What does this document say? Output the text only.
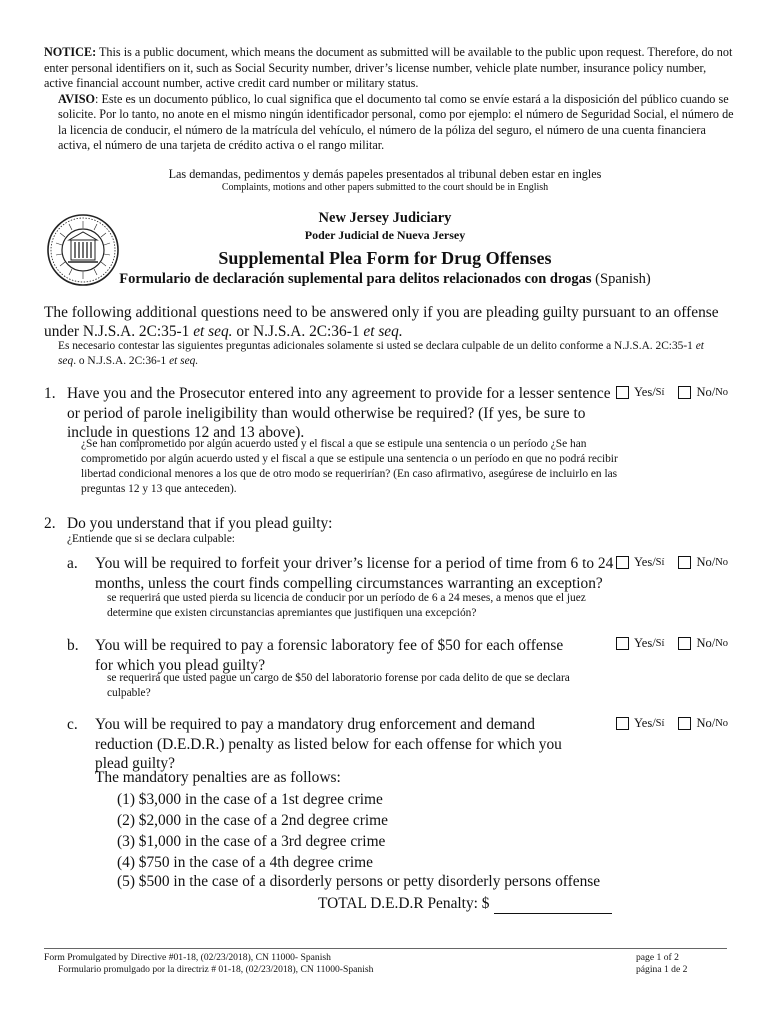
NOTICE: This is a public document, which means the document as submitted will be available to the public upon request. Therefore, do not enter personal identifiers on it, such as Social Security number, driver’s license number, vehicle plate number, insurance policy number, active financial account number, active credit card number or military status.
AVISO: Este es un documento público, lo cual significa que el documento tal como se envíe estará a la disposición del público cuando se solicite. Por lo tanto, no anote en el mismo ningún identificador personal, como por ejemplo: el número de Seguridad Social, el número de la licencia de conducir, el número de la matrícula del vehículo, el número de la póliza del seguro, el número de una cuenta financiera activa, el número de una tarjeta de crédito activa o el rango militar.
Las demandas, pedimentos y demás papeles presentados al tribunal deben estar en ingles
Complaints, motions and other papers submitted to the court should be in English
New Jersey Judiciary
Poder Judicial de Nueva Jersey
Supplemental Plea Form for Drug Offenses
Formulario de declaración suplemental para delitos relacionados con drogas (Spanish)
The following additional questions need to be answered only if you are pleading guilty pursuant to an offense under N.J.S.A. 2C:35-1 et seq. or N.J.S.A. 2C:36-1 et seq.
Es necesario contestar las siguientes preguntas adicionales solamente si usted se declara culpable de un delito conforme a N.J.S.A. 2C:35-1 et seq. o N.J.S.A. 2C:36-1 et seq.
1. Have you and the Prosecutor entered into any agreement to provide for a lesser sentence or period of parole ineligibility than would otherwise be required? (If yes, be sure to include in questions 12 and 13 above).
¿Se han comprometido por algún acuerdo usted y el fiscal a que se estipule una sentencia o un período ¿Se han comprometido por algún acuerdo usted y el fiscal a que se estipule una sentencia o un período en que no podrá recibir libertad condicional menores a los que de otro modo se requerirían? (En caso afirmativo, asegúrese de incluirlo en las preguntas 12 y 13 que anteceden).
Yes/ Sí	No/ No
2. Do you understand that if you plead guilty:
¿Entiende que si se declara culpable:
a. You will be required to forfeit your driver’s license for a period of time from 6 to 24 months, unless the court finds compelling circumstances warranting an exception?
se requerirá que usted pierda su licencia de conducir por un período de 6 a 24 meses, a menos que el juez determine que existen circunstancias apremiantes que justifiquen una excepción?
Yes/ Sí	No/ No
b. You will be required to pay a forensic laboratory fee of $50 for each offense for which you plead guilty?
se requerirá que usted pague un cargo de $50 del laboratorio forense por cada delito de que se declara culpable?
Yes/ Sí	No/ No
c. You will be required to pay a mandatory drug enforcement and demand reduction (D.E.D.R.) penalty as listed below for each offense for which you plead guilty?
Yes/ Sí	No/ No
The mandatory penalties are as follows:
(1) $3,000 in the case of a 1st degree crime
(2) $2,000 in the case of a 2nd degree crime
(3) $1,000 in the case of a 3rd degree crime
(4) $750 in the case of a 4th degree crime
(5) $500 in the case of a disorderly persons or petty disorderly persons offense
TOTAL D.E.D.R Penalty: $
Form Promulgated by Directive #01-18, (02/23/2018), CN 11000- Spanish
Formulario promulgado por la directriz # 01-18, (02/23/2018), CN 11000-Spanish
page 1 of 2
página 1 de 2
